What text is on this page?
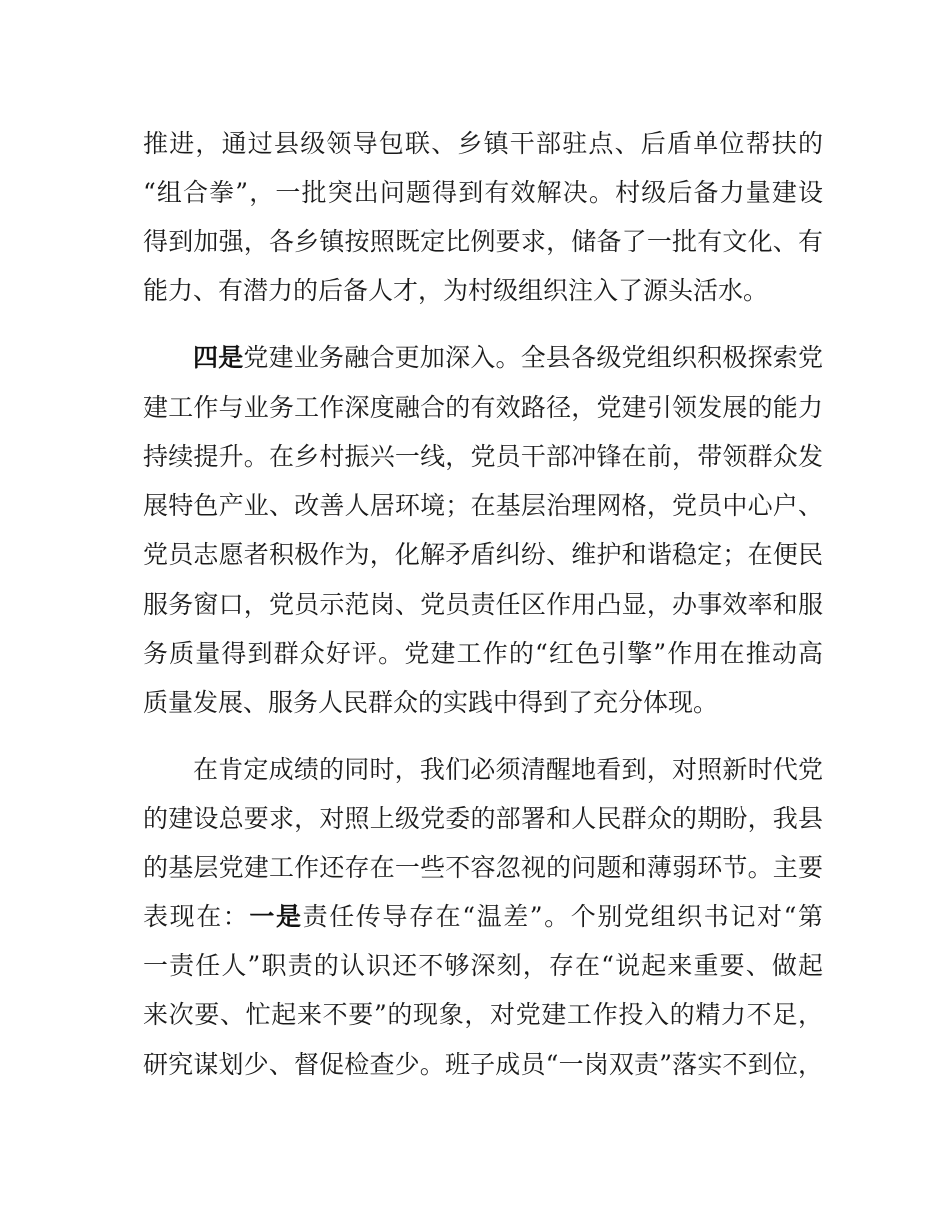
推进，通过县级领导包联、乡镇干部驻点、后盾单位帮扶的
“组合拳”，一批突出问题得到有效解决。村级后备力量建设
得到加强，各乡镇按照既定比例要求，储备了一批有文化、有
能力、有潜力的后备人才，为村级组织注入了源头活水。
四是党建业务融合更加深入。全县各级党组织积极探索党
建工作与业务工作深度融合的有效路径，党建引领发展的能力
持续提升。在乡村振兴一线，党员干部冲锋在前，带领群众发
展特色产业、改善人居环境；在基层治理网格，党员中心户、
党员志愿者积极作为，化解矛盾纠纷、维护和谐稳定；在便民
服务窗口，党员示范岗、党员责任区作用凸显，办事效率和服
务质量得到群众好评。党建工作的“红色引擎”作用在推动高
质量发展、服务人民群众的实践中得到了充分体现。
在肯定成绩的同时，我们必须清醒地看到，对照新时代党
的建设总要求，对照上级党委的部署和人民群众的期盼，我县
的基层党建工作还存在一些不容忽视的问题和薄弱环节。主要
表现在：一是责任传导存在“温差”。个别党组织书记对“第
一责任人”职责的认识还不够深刻，存在“说起来重要、做起
来次要、忙起来不要”的现象，对党建工作投入的精力不足，
研究谋划少、督促检查少。班子成员“一岗双责”落实不到位，
